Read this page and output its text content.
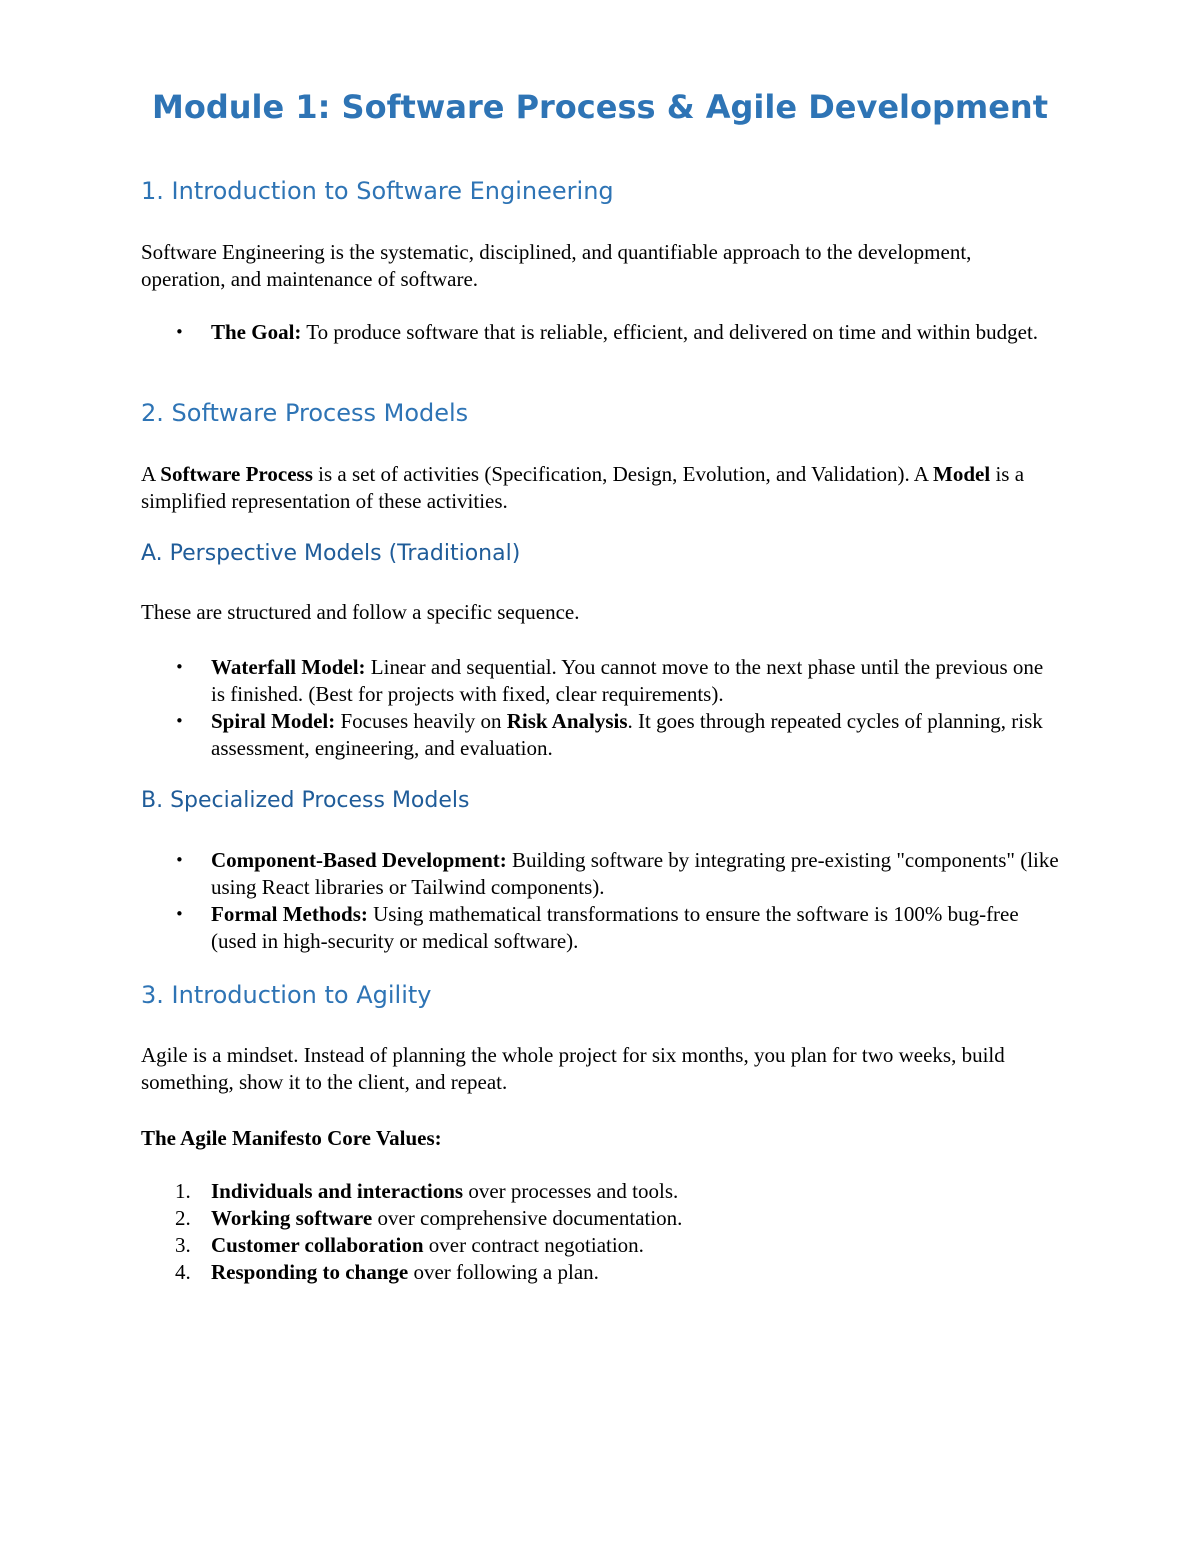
Module 1: Software Process & Agile Development
1. Introduction to Software Engineering

Software Engineering is the systematic, disciplined, and quantifiable approach to the development, operation, and maintenance of software.

• The Goal: To produce software that is reliable, efficient, and delivered on time and within budget.
2. Software Process Models

A Software Process is a set of activities (Specification, Design, Evolution, and Validation). A Model is a simplified representation of these activities.

A. Perspective Models (Traditional)

These are structured and follow a specific sequence.

• Waterfall Model: Linear and sequential. You cannot move to the next phase until the previous one is finished. (Best for projects with fixed, clear requirements).
• Spiral Model: Focuses heavily on Risk Analysis. It goes through repeated cycles of planning, risk assessment, engineering, and evaluation.
B. Specialized Process Models
• Component-Based Development: Building software by integrating pre-existing "components" (like using React libraries or Tailwind components).
• Formal Methods: Using mathematical transformations to ensure the software is 100% bug-free (used in high-security or medical software).
3. Introduction to Agility

Agile is a mindset. Instead of planning the whole project for six months, you plan for two weeks, build something, show it to the client, and repeat.

The Agile Manifesto Core Values:

1. Individuals and interactions over processes and tools.
2. Working software over comprehensive documentation.
3. Customer collaboration over contract negotiation.
4. Responding to change over following a plan.
